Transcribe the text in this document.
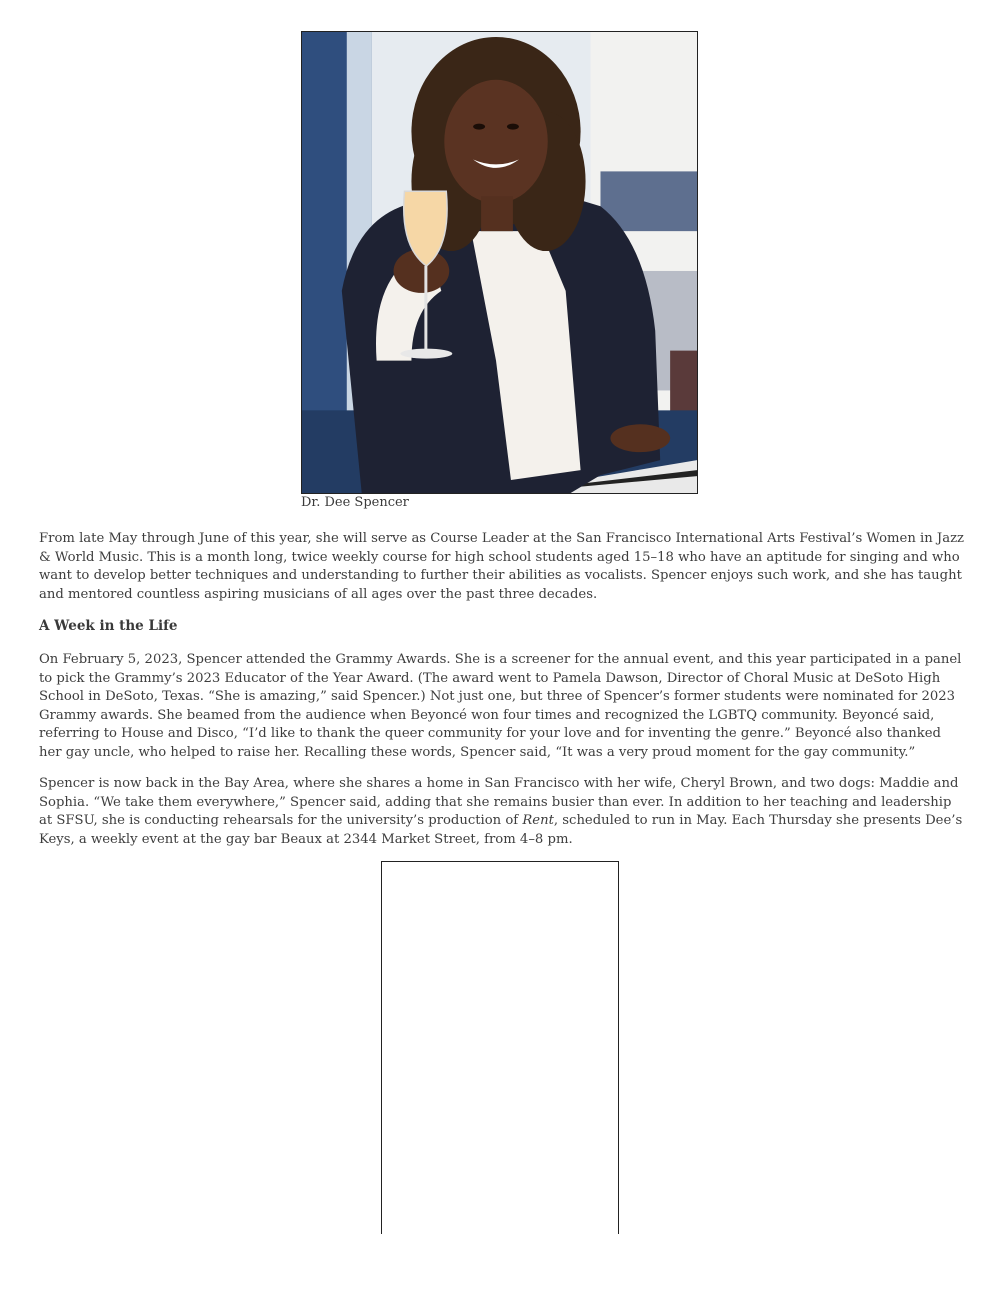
Dr. Dee Spencer

From late May through June of this year, she will serve as Course Leader at the San Francisco International Arts Festival’s Women in Jazz & World Music. This is a month long, twice weekly course for high school students aged 15–18 who have an aptitude for singing and who want to develop better techniques and understanding to further their abilities as vocalists. Spencer enjoys such work, and she has taught and mentored countless aspiring musicians of all ages over the past three decades.

A Week in the Life

On February 5, 2023, Spencer attended the Grammy Awards. She is a screener for the annual event, and this year participated in a panel to pick the Grammy’s 2023 Educator of the Year Award. (The award went to Pamela Dawson, Director of Choral Music at DeSoto High School in DeSoto, Texas. “She is amazing,” said Spencer.) Not just one, but three of Spencer’s former students were nominated for 2023 Grammy awards. She beamed from the audience when Beyoncé won four times and recognized the LGBTQ community. Beyoncé said, referring to House and Disco, “I’d like to thank the queer community for your love and for inventing the genre.” Beyoncé also thanked her gay uncle, who helped to raise her. Recalling these words, Spencer said, “It was a very proud moment for the gay community.”

Spencer is now back in the Bay Area, where she shares a home in San Francisco with her wife, Cheryl Brown, and two dogs: Maddie and Sophia. “We take them everywhere,” Spencer said, adding that she remains busier than ever. In addition to her teaching and leadership at SFSU, she is conducting rehearsals for the university’s production of Rent, scheduled to run in May. Each Thursday she presents Dee’s Keys, a weekly event at the gay bar Beaux at 2344 Market Street, from 4–8 pm.
